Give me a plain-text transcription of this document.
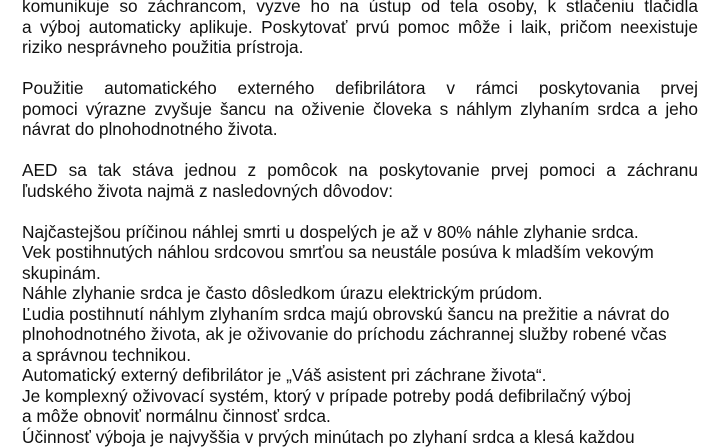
komunikuje so záchrancom, vyzve ho na ústup od tela osoby, k stlačeniu tlačidla
a výboj automaticky aplikuje. Poskytovať prvú pomoc môže i laik, pričom neexistuje
riziko nesprávneho použitia prístroja.
Použitie automatického externého defibrilátora v rámci poskytovania prvej
pomoci výrazne zvyšuje šancu na oživenie človeka s náhlym zlyhaním srdca a jeho
návrat do plnohodnotného života.
AED sa tak stáva jednou z pomôcok na poskytovanie prvej pomoci a záchranu
ľudského života najmä z nasledovných dôvodov:
Najčastejšou príčinou náhlej smrti u dospelých je až v 80% náhle zlyhanie srdca.
Vek postihnutých náhlou srdcovou smrťou sa neustále posúva k mladším vekovým
skupinám.
Náhle zlyhanie srdca je často dôsledkom úrazu elektrickým prúdom.
Ľudia postihnutí náhlym zlyhaním srdca majú obrovskú šancu na prežitie a návrat do
plnohodnotného života, ak je oživovanie do príchodu záchrannej služby robené včas
a správnou technikou.
Automatický externý defibrilátor je „Váš asistent pri záchrane života“.
Je komplexný oživovací systém, ktorý v prípade potreby podá defibrilačný výboj
a môže obnoviť normálnu činnosť srdca.
Účinnosť výboja je najvyššia v prvých minútach po zlyhaní srdca a klesá každou
